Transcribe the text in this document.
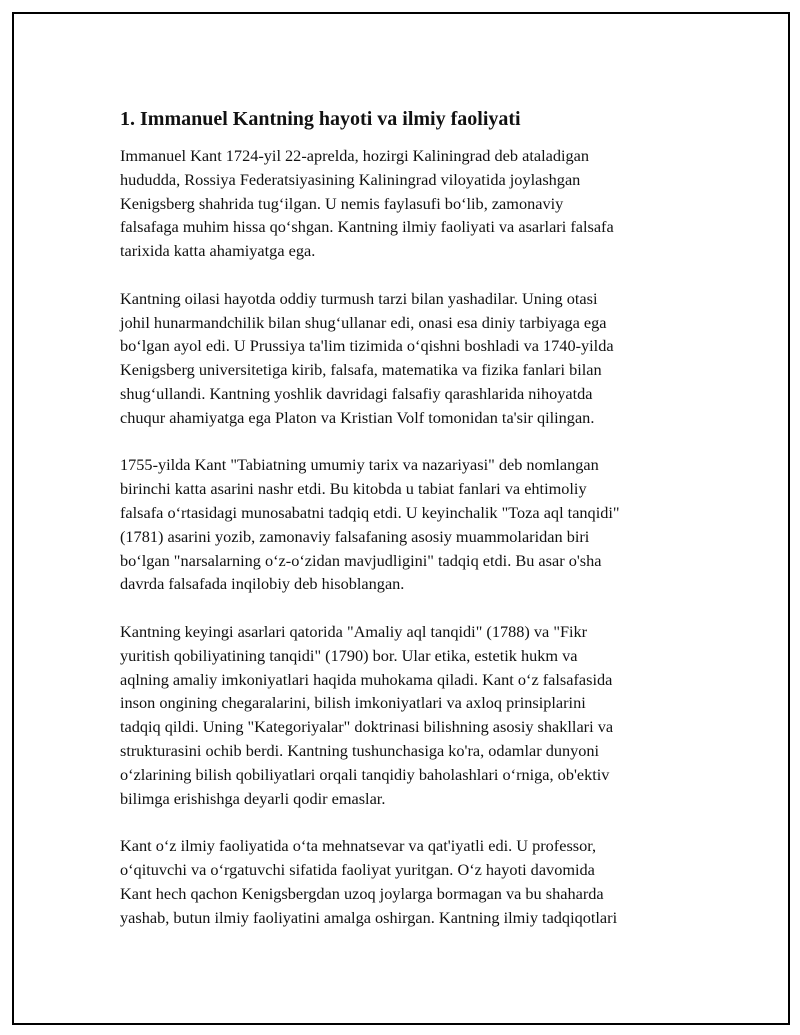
1. Immanuel Kantning hayoti va ilmiy faoliyati

Immanuel Kant 1724-yil 22-aprelda, hozirgi Kaliningrad deb ataladigan
hududda, Rossiya Federatsiyasining Kaliningrad viloyatida joylashgan
Kenigsberg shahrida tug‘ilgan. U nemis faylasufi bo‘lib, zamonaviy
falsafaga muhim hissa qo‘shgan. Kantning ilmiy faoliyati va asarlari falsafa
tarixida katta ahamiyatga ega.

Kantning oilasi hayotda oddiy turmush tarzi bilan yashadilar. Uning otasi
johil hunarmandchilik bilan shug‘ullanar edi, onasi esa diniy tarbiyaga ega
bo‘lgan ayol edi. U Prussiya ta'lim tizimida o‘qishni boshladi va 1740-yilda
Kenigsberg universitetiga kirib, falsafa, matematika va fizika fanlari bilan
shug‘ullandi. Kantning yoshlik davridagi falsafiy qarashlarida nihoyatda
chuqur ahamiyatga ega Platon va Kristian Volf tomonidan ta'sir qilingan.

1755-yilda Kant "Tabiatning umumiy tarix va nazariyasi" deb nomlangan
birinchi katta asarini nashr etdi. Bu kitobda u tabiat fanlari va ehtimoliy
falsafa o‘rtasidagi munosabatni tadqiq etdi. U keyinchalik "Toza aql tanqidi"
(1781) asarini yozib, zamonaviy falsafaning asosiy muammolaridan biri
bo‘lgan "narsalarning o‘z-o‘zidan mavjudligini" tadqiq etdi. Bu asar o'sha
davrda falsafada inqilobiy deb hisoblangan.

Kantning keyingi asarlari qatorida "Amaliy aql tanqidi" (1788) va "Fikr
yuritish qobiliyatining tanqidi" (1790) bor. Ular etika, estetik hukm va
aqlning amaliy imkoniyatlari haqida muhokama qiladi. Kant o‘z falsafasida
inson ongining chegaralarini, bilish imkoniyatlari va axloq prinsiplarini
tadqiq qildi. Uning "Kategoriyalar" doktrinasi bilishning asosiy shakllari va
strukturasini ochib berdi. Kantning tushunchasiga ko'ra, odamlar dunyoni
o‘zlarining bilish qobiliyatlari orqali tanqidiy baholashlari o‘rniga, ob'ektiv
bilimga erishishga deyarli qodir emaslar.

Kant o‘z ilmiy faoliyatida o‘ta mehnatsevar va qat'iyatli edi. U professor,
o‘qituvchi va o‘rgatuvchi sifatida faoliyat yuritgan. O‘z hayoti davomida
Kant hech qachon Kenigsbergdan uzoq joylarga bormagan va bu shaharda
yashab, butun ilmiy faoliyatini amalga oshirgan. Kantning ilmiy tadqiqotlari
